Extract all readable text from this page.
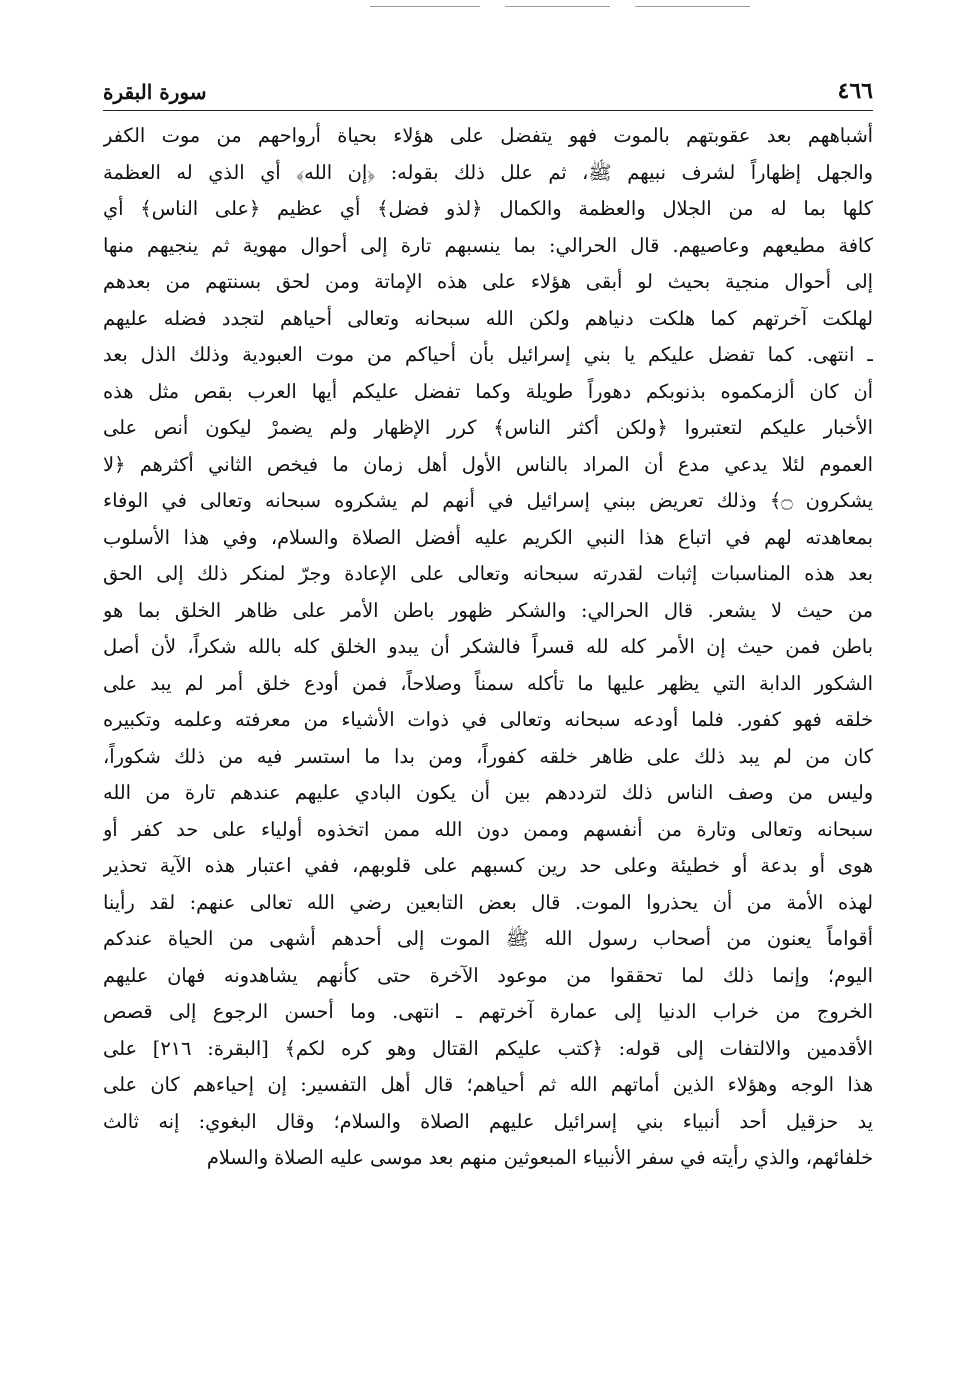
٤٦٦
سورة البقرة
أشباههم بعد عقوبتهم بالموت فهو يتفضل على هؤلاء بحياة أرواحهم من موت الكفر
والجهل إظهاراً لشرف نبيهم ﷺ، ثم علل ذلك بقوله: ﴿إن الله﴾ أي الذي له العظمة
كلها بما له من الجلال والعظمة والكمال ﴿لذو فضل﴾ أي عظيم ﴿على الناس﴾ أي
كافة مطيعهم وعاصيهم. قال الحرالي: بما ينسبهم تارة إلى أحوال مهوية ثم ينجيهم منها
إلى أحوال منجية بحيث لو أبقى هؤلاء على هذه الإماتة ومن لحق بسنتهم من بعدهم
لهلكت آخرتهم كما هلكت دنياهم ولكن الله سبحانه وتعالى أحياهم لتجدد فضله عليهم
ـ انتهى. كما تفضل عليكم يا بني إسرائيل بأن أحياكم من موت العبودية وذلك الذل بعد
أن كان ألزمكموه بذنوبكم دهوراً طويلة وكما تفضل عليكم أيها العرب بقص مثل هذه
الأخبار عليكم لتعتبروا ﴿ولكن أكثر الناس﴾ كرر الإظهار ولم يضمرْ ليكون أنص على
العموم لئلا يدعي مدع أن المراد بالناس الأول أهل زمان ما فيخص الثاني أكثرهم ﴿لا
يشكرون ۝﴾ وذلك تعريض ببني إسرائيل في أنهم لم يشكروه سبحانه وتعالى في الوفاء
بمعاهدته لهم في اتباع هذا النبي الكريم عليه أفضل الصلاة والسلام، وفي هذا الأسلوب
بعد هذه المناسبات إثبات لقدرته سبحانه وتعالى على الإعادة وجرّ لمنكر ذلك إلى الحق
من حيث لا يشعر. قال الحرالي: والشكر ظهور باطن الأمر على ظاهر الخلق بما هو
باطن فمن حيث إن الأمر كله لله قسراً فالشكر أن يبدو الخلق كله بالله شكراً، لأن أصل
الشكور الدابة التي يظهر عليها ما تأكله سمناً وصلاحاً، فمن أودع خلق أمر لم يبد على
خلقه فهو كفور. فلما أودعه سبحانه وتعالى في ذوات الأشياء من معرفته وعلمه وتكبيره
كان من لم يبد ذلك على ظاهر خلقه كفوراً، ومن بدا ما استسر فيه من ذلك شكوراً،
وليس من وصف الناس ذلك لترددهم بين أن يكون البادي عليهم عندهم تارة من الله
سبحانه وتعالى وتارة من أنفسهم وممن دون الله ممن اتخذوه أولياء على حد كفر أو
هوى أو بدعة أو خطيئة وعلى حد رين كسبهم على قلوبهم، ففي اعتبار هذه الآية تحذير
لهذه الأمة من أن يحذروا الموت. قال بعض التابعين رضي الله تعالى عنهم: لقد رأينا
أقواماً يعنون من أصحاب رسول الله ﷺ الموت إلى أحدهم أشهى من الحياة عندكم
اليوم؛ وإنما ذلك لما تحققوا من موعود الآخرة حتى كأنهم يشاهدونه فهان عليهم
الخروج من خراب الدنيا إلى عمارة آخرتهم ـ انتهى. وما أحسن الرجوع إلى قصص
الأقدمين والالتفات إلى قوله: ﴿كتب عليكم القتال وهو كره لكم﴾ [البقرة: ٢١٦] على
هذا الوجه وهؤلاء الذين أماتهم الله ثم أحياهم؛ قال أهل التفسير: إن إحياءهم كان على
يد حزقيل أحد أنبياء بني إسرائيل عليهم الصلاة والسلام؛ وقال البغوي: إنه ثالث
خلفائهم، والذي رأيته في سفر الأنبياء المبعوثين منهم بعد موسى عليه الصلاة والسلام
